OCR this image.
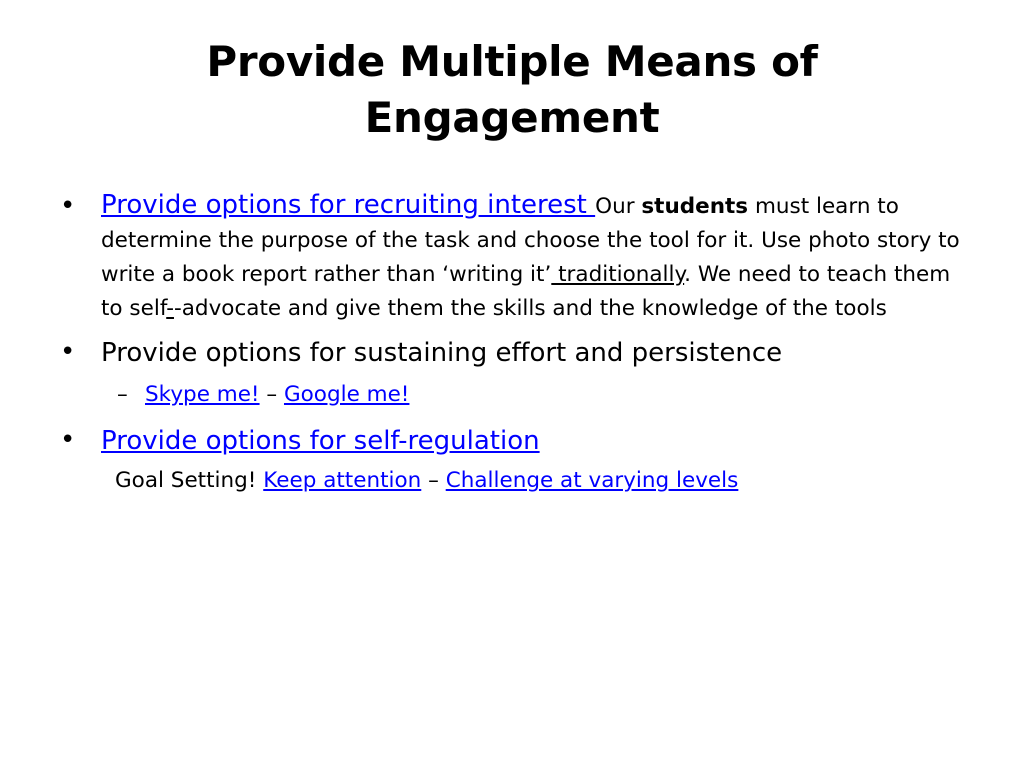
Provide Multiple Means of
Engagement
• Provide options for recruiting interest Our students must learn to determine the purpose of the task and choose the tool for it. Use photo story to write a book report rather than ‘writing it’ traditionally. We need to teach them to self--advocate and give them the skills and the knowledge of the tools
• Provide options for sustaining effort and persistence
– Skype me! – Google me!
• Provide options for self-regulation
Goal Setting! Keep attention – Challenge at varying levels
